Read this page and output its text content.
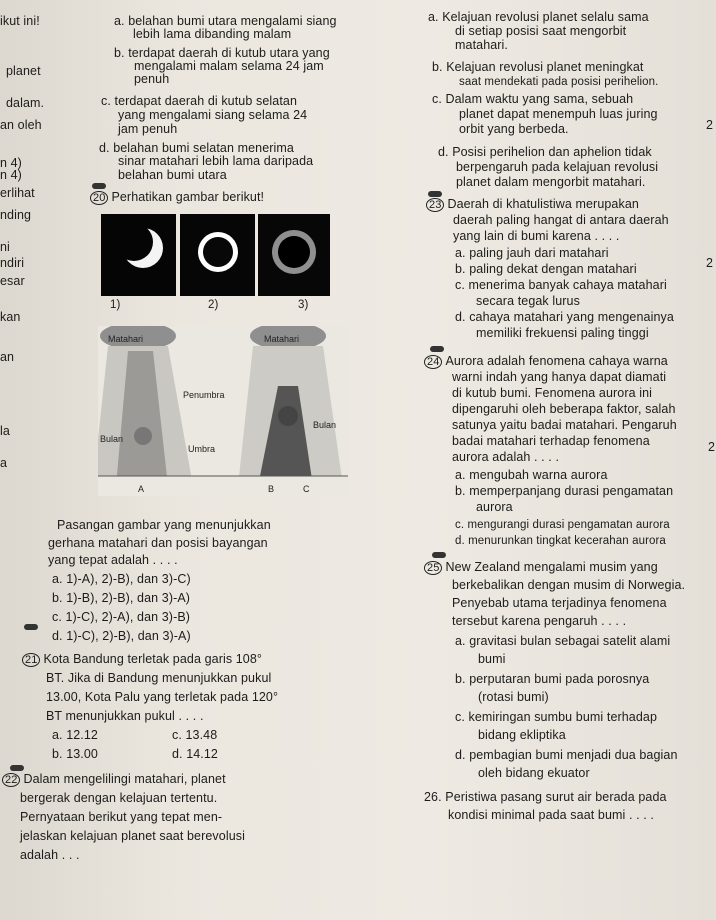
ikut ini!
planet
dalam.
an oleh
n 4)
n 4)
erlihat
nding
ni
ndiri
esar
kan
an
la
a
a. belahan bumi utara mengalami siang
lebih lama dibanding malam
b. terdapat daerah di kutub utara yang
mengalami malam selama 24 jam
penuh
c. terdapat daerah di kutub selatan
yang mengalami siang selama 24
jam penuh
d. belahan bumi selatan menerima
sinar matahari lebih lama daripada
belahan bumi utara
20 Perhatikan gambar berikut!
1)	2)	3)
Matahari	Matahari
Penumbra
Umbra
Bulan
Bulan
A	B	C
Pasangan gambar yang menunjukkan
gerhana matahari dan posisi bayangan
yang tepat adalah . . . .
a. 1)-A), 2)-B), dan 3)-C)
b. 1)-B), 2)-B), dan 3)-A)
c. 1)-C), 2)-A), dan 3)-B)
d. 1)-C), 2)-B), dan 3)-A)
21 Kota Bandung terletak pada garis 108°
BT. Jika di Bandung menunjukkan pukul
13.00, Kota Palu yang terletak pada 120°
BT menunjukkan pukul . . . .
a. 12.12	c. 13.48
b. 13.00	d. 14.12
22 Dalam mengelilingi matahari, planet
bergerak dengan kelajuan tertentu.
Pernyataan berikut yang tepat men-
jelaskan kelajuan planet saat berevolusi
adalah . . .
a. Kelajuan revolusi planet selalu sama
di setiap posisi saat mengorbit
matahari.
b. Kelajuan revolusi planet meningkat
saat mendekati pada posisi perihelion.
c. Dalam waktu yang sama, sebuah
planet dapat menempuh luas juring
orbit yang berbeda.
d. Posisi perihelion dan aphelion tidak
berpengaruh pada kelajuan revolusi
planet dalam mengorbit matahari.
23 Daerah di khatulistiwa merupakan
daerah paling hangat di antara daerah
yang lain di bumi karena . . . .
a. paling jauh dari matahari
b. paling dekat dengan matahari
c. menerima banyak cahaya matahari
secara tegak lurus
d. cahaya matahari yang mengenainya
memiliki frekuensi paling tinggi
24 Aurora adalah fenomena cahaya warna
warni indah yang hanya dapat diamati
di kutub bumi. Fenomena aurora ini
dipengaruhi oleh beberapa faktor, salah
satunya yaitu badai matahari. Pengaruh
badai matahari terhadap fenomena
aurora adalah . . . .
a. mengubah warna aurora
b. memperpanjang durasi pengamatan
aurora
c. mengurangi durasi pengamatan aurora
d. menurunkan tingkat kecerahan aurora
25 New Zealand mengalami musim yang
berkebalikan dengan musim di Norwegia.
Penyebab utama terjadinya fenomena
tersebut karena pengaruh . . . .
a. gravitasi bulan sebagai satelit alami
bumi
b. perputaran bumi pada porosnya
(rotasi bumi)
c. kemiringan sumbu bumi terhadap
bidang ekliptika
d. pembagian bumi menjadi dua bagian
oleh bidang ekuator
26. Peristiwa pasang surut air berada pada
kondisi minimal pada saat bumi . . . .
2
2
2
